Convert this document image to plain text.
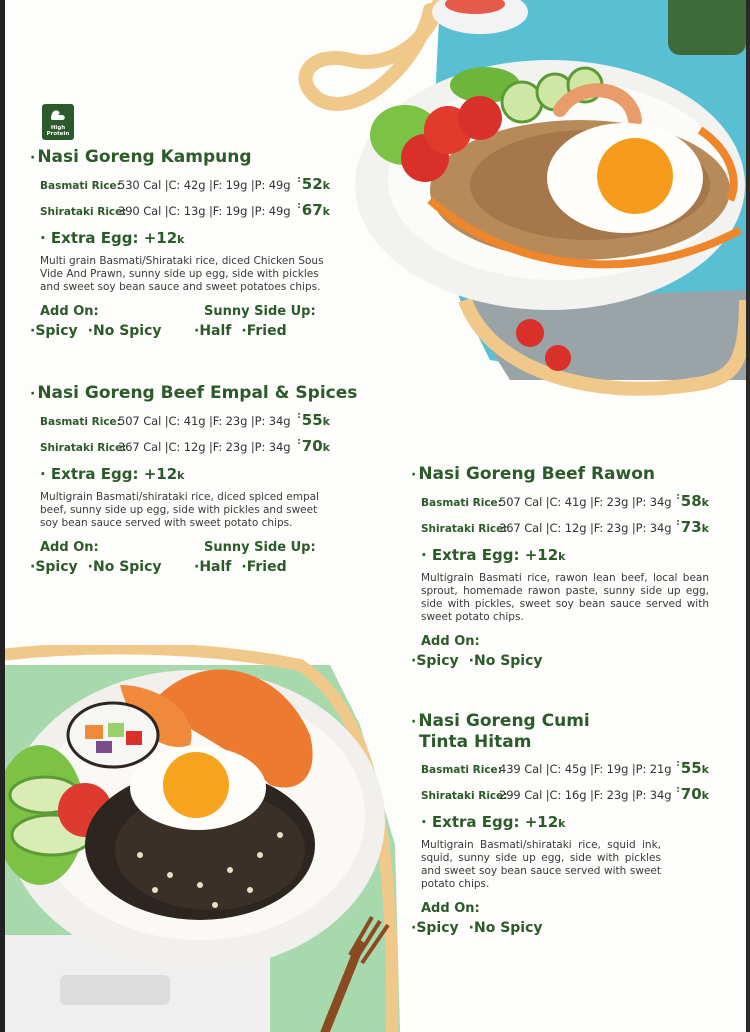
High Protein
· Nasi Goreng Kampung
Basmati Rice:
530 Cal |C: 42g |F: 19g |P: 49g :52k
Shirataki Rice:
390 Cal |C: 13g |F: 19g |P: 49g :67k
· Extra Egg: +12k
Multi grain Basmati/Shirataki rice, diced Chicken Sous Vide And Prawn, sunny side up egg, side with pickles and sweet soy bean sauce and sweet potatoes chips.
Add On:
·Spicy ·No Spicy
Sunny Side Up:
·Half ·Fried
· Nasi Goreng Beef Empal & Spices
Basmati Rice:
507 Cal |C: 41g |F: 23g |P: 34g :55k
Shirataki Rice:
367 Cal |C: 12g |F: 23g |P: 34g :70k
· Extra Egg: +12k
Multigrain Basmati/shirataki rice, diced spiced empal beef, sunny side up egg, side with pickles and sweet soy bean sauce served with sweet potato chips.
Add On:
·Spicy ·No Spicy
Sunny Side Up:
·Half ·Fried
· Nasi Goreng Beef Rawon
Basmati Rice:
507 Cal |C: 41g |F: 23g |P: 34g :58k
Shirataki Rice:
367 Cal |C: 12g |F: 23g |P: 34g :73k
· Extra Egg: +12k
Multigrain Basmati rice, rawon lean beef, local bean sprout, homemade rawon paste, sunny side up egg, side with pickles, sweet soy bean sauce served with sweet potato chips.
Add On:
·Spicy ·No Spicy
· Nasi Goreng Cumi
Tinta Hitam
Basmati Rice:
439 Cal |C: 45g |F: 19g |P: 21g :55k
Shirataki Rice:
299 Cal |C: 16g |F: 23g |P: 34g :70k
· Extra Egg: +12k
Multigrain Basmati/shirataki rice, squid ink, squid, sunny side up egg, side with pickles and sweet soy bean sauce served with sweet potato chips.
Add On:
·Spicy ·No Spicy
